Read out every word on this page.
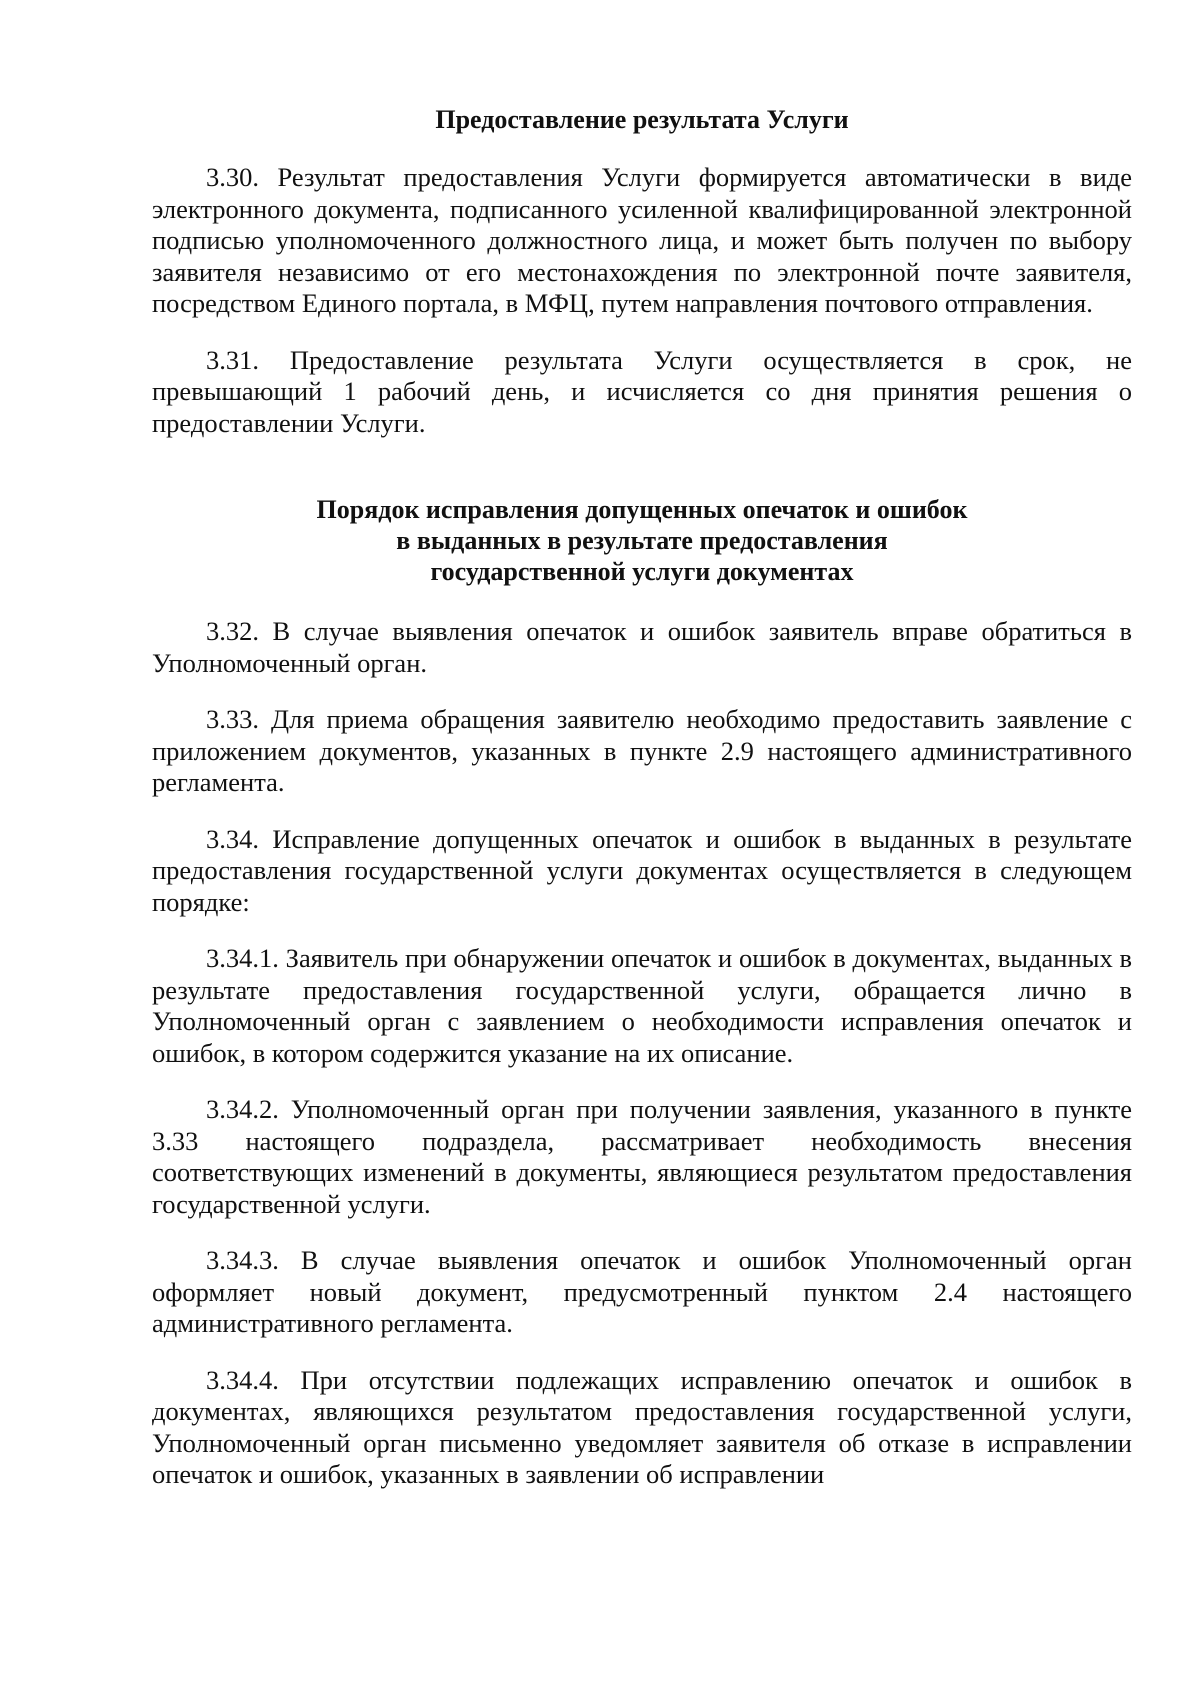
Предоставление результата Услуги

3.30. Результат предоставления Услуги формируется автоматически в виде электронного документа, подписанного усиленной квалифицированной электронной подписью уполномоченного должностного лица, и может быть получен по выбору заявителя независимо от его местонахождения по электронной почте заявителя, посредством Единого портала, в МФЦ, путем направления почтового отправления.

3.31. Предоставление результата Услуги осуществляется в срок, не превышающий 1 рабочий день, и исчисляется со дня принятия решения о предоставлении Услуги.

Порядок исправления допущенных опечаток и ошибок
в выданных в результате предоставления
государственной услуги документах

3.32. В случае выявления опечаток и ошибок заявитель вправе обратиться в Уполномоченный орган.

3.33. Для приема обращения заявителю необходимо предоставить заявление с приложением документов, указанных в пункте 2.9 настоящего административного регламента.

3.34. Исправление допущенных опечаток и ошибок в выданных в результате предоставления государственной услуги документах осуществляется в следующем порядке:

3.34.1. Заявитель при обнаружении опечаток и ошибок в документах, выданных в результате предоставления государственной услуги, обращается лично в Уполномоченный орган с заявлением о необходимости исправления опечаток и ошибок, в котором содержится указание на их описание.

3.34.2. Уполномоченный орган при получении заявления, указанного в пункте 3.33 настоящего подраздела, рассматривает необходимость внесения соответствующих изменений в документы, являющиеся результатом предоставления государственной услуги.

3.34.3. В случае выявления опечаток и ошибок Уполномоченный орган оформляет новый документ, предусмотренный пунктом 2.4 настоящего административного регламента.

3.34.4. При отсутствии подлежащих исправлению опечаток и ошибок в документах, являющихся результатом предоставления государственной услуги, Уполномоченный орган письменно уведомляет заявителя об отказе в исправлении опечаток и ошибок, указанных в заявлении об исправлении
